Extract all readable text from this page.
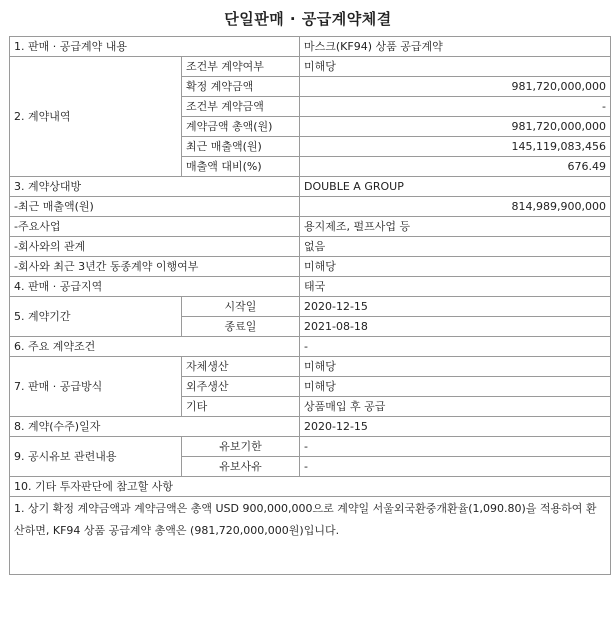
단일판매 · 공급계약체결
1. 판매 · 공급계약 내용		마스크(KF94) 상품 공급계약
2. 계약내역	조건부 계약여부	미해당
	확정 계약금액	981,720,000,000
	조건부 계약금액	-
	계약금액 총액(원)	981,720,000,000
	최근 매출액(원)	145,119,083,456
	매출액 대비(%)	676.49
3. 계약상대방		DOUBLE A GROUP
-최근 매출액(원)		814,989,900,000
-주요사업		용지제조, 펄프사업 등
-회사와의 관계		없음
-회사와 최근 3년간 동종계약 이행여부		미해당
4. 판매 · 공급지역		태국
5. 계약기간	시작일	2020-12-15
	종료일	2021-08-18
6. 주요 계약조건		-
7. 판매 · 공급방식	자체생산	미해당
	외주생산	미해당
	기타	상품매입 후 공급
8. 계약(수주)일자		2020-12-15
9. 공시유보 관련내용	유보기한	-
	유보사유	-
10. 기타 투자판단에 참고할 사항		
1. 상기 확정 계약금액과 계약금액은 총액 USD 900,000,000으로 계약일 서울외국환중개환율(1,090.80)을 적용하여 환산하면, KF94 상품 공급계약 총액은 (981,720,000,000원)입니다.		
